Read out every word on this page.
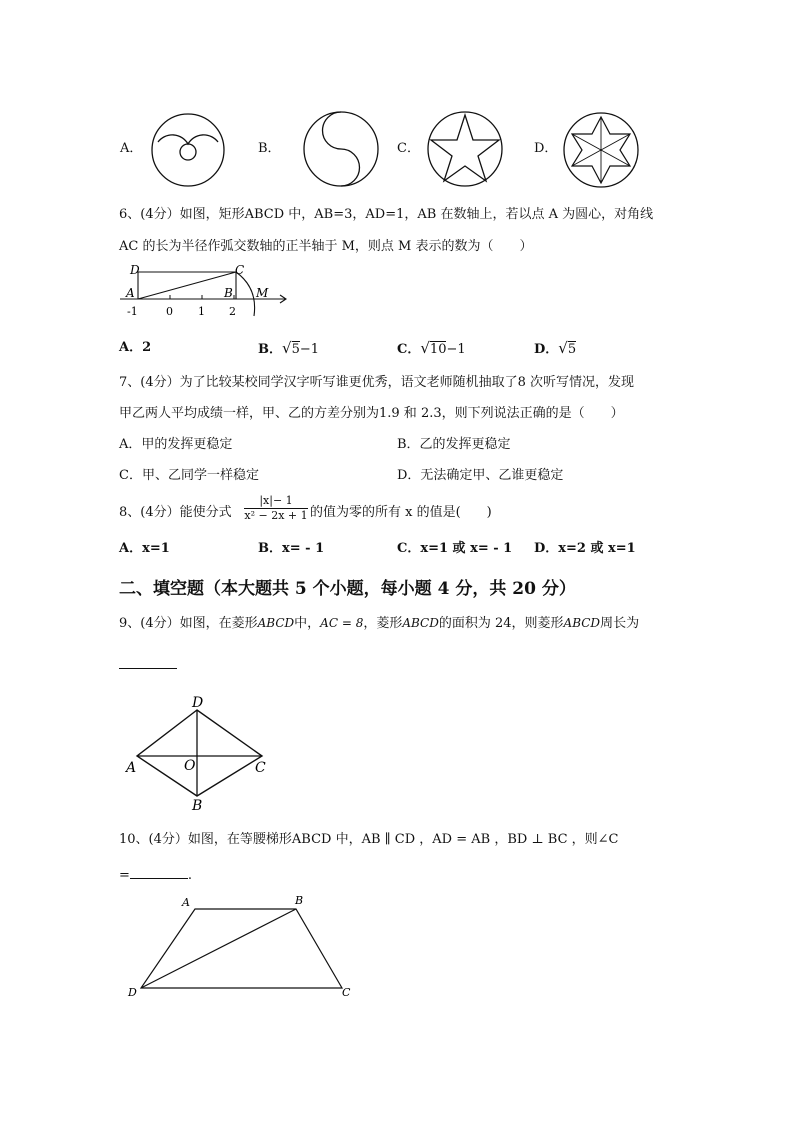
A．	B．	C．	D．
6、(4分）如图，矩形ABCD 中，AB=3，AD=1，AB 在数轴上，若以点 A 为圆心，对角线
AC 的长为半径作弧交数轴的正半轴于 M，则点 M 表示的数为（　　）
D	C
A	B M
-1	0 1 2
A．2	B．√5−1	C．√10−1	D．√5
7、(4分）为了比较某校同学汉字听写谁更优秀，语文老师随机抽取了8 次听写情况，发现
甲乙两人平均成绩一样，甲、乙的方差分别为1.9 和 2.3，则下列说法正确的是（　　）
A．甲的发挥更稳定	B．乙的发挥更稳定
C．甲、乙同学一样稳定	D．无法确定甲、乙谁更稳定
8、(4分）能使分式 $\frac{|x|- 1}{\text{x² − 2x + 1}}$ 的值为零的所有 x 的值是(　　)
A．x=1	B．x= - 1	C．x=1 或 x= - 1 D．x=2 或 x=1
二、填空题（本大题共 5 个小题，每小题 4 分，共 20 分）
9、(4分）如图，在菱形ABCD中，AC = 8，菱形ABCD的面积为 24，则菱形ABCD周长为
D
A	O	C
B
10、(4分）如图，在等腰梯形ABCD 中，AB ∥ CD ，AD = AB ，BD ⊥ BC ，则∠C
=	.
A	B
D	C
